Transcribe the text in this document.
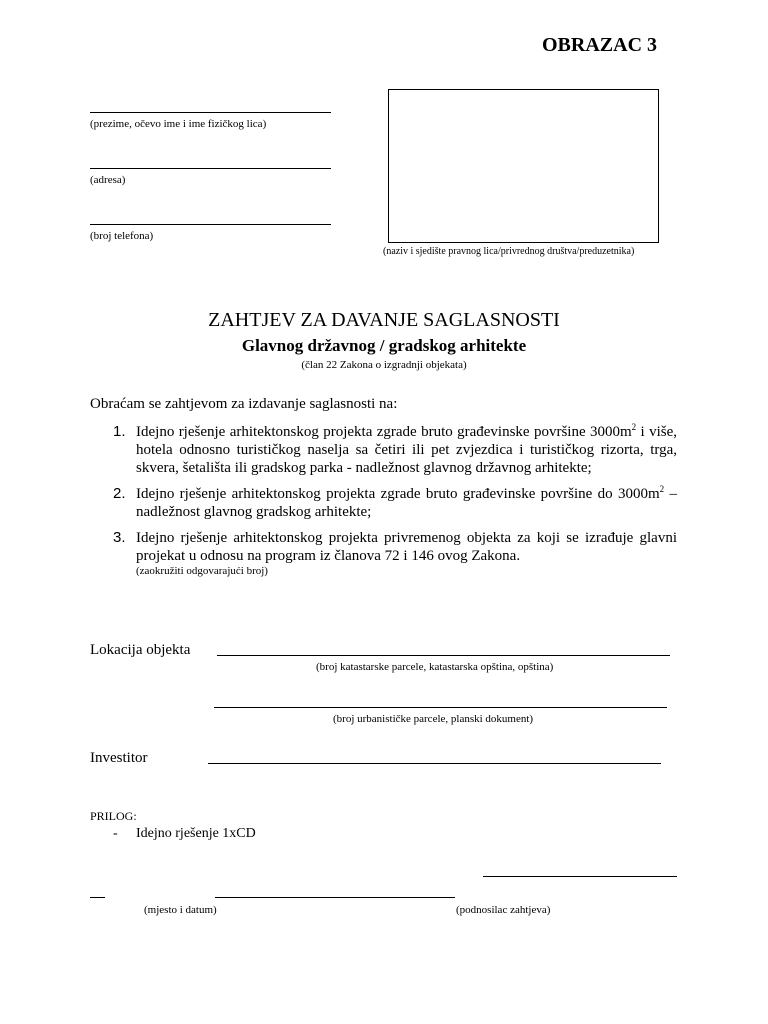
OBRAZAC 3
(prezime, očevo ime i ime fizičkog lica)
(adresa)
(broj telefona)
(naziv i sjedište pravnog lica/privrednog društva/preduzetnika)
ZAHTJEV ZA DAVANJE SAGLASNOSTI
Glavnog državnog / gradskog arhitekte
(član 22 Zakona o izgradnji objekata)
Obraćam se zahtjevom za izdavanje saglasnosti na:
1. Idejno rješenje arhitektonskog projekta zgrade bruto građevinske površine $3000m^2$ i više, hotela odnosno turističkog naselja sa četiri ili pet zvjezdica i turističkog rizorta, trga, skvera, šetališta ili gradskog parka - nadležnost glavnog državnog arhitekte;
2. Idejno rješenje arhitektonskog projekta zgrade bruto građevinske površine do $3000m^2$ – nadležnost glavnog gradskog arhitekte;
3. Idejno rješenje arhitektonskog projekta privremenog objekta za koji se izrađuje glavni projekat u odnosu na program iz članova 72 i 146 ovog Zakona.
(zaokružiti odgovarajući broj)
Lokacija objekta
(broj katastarske parcele, katastarska opština, opština)
(broj urbanističke parcele, planski dokument)
Investitor
PRILOG:
- Idejno rješenje 1xCD
(mjesto i datum)	(podnosilac zahtjeva)
